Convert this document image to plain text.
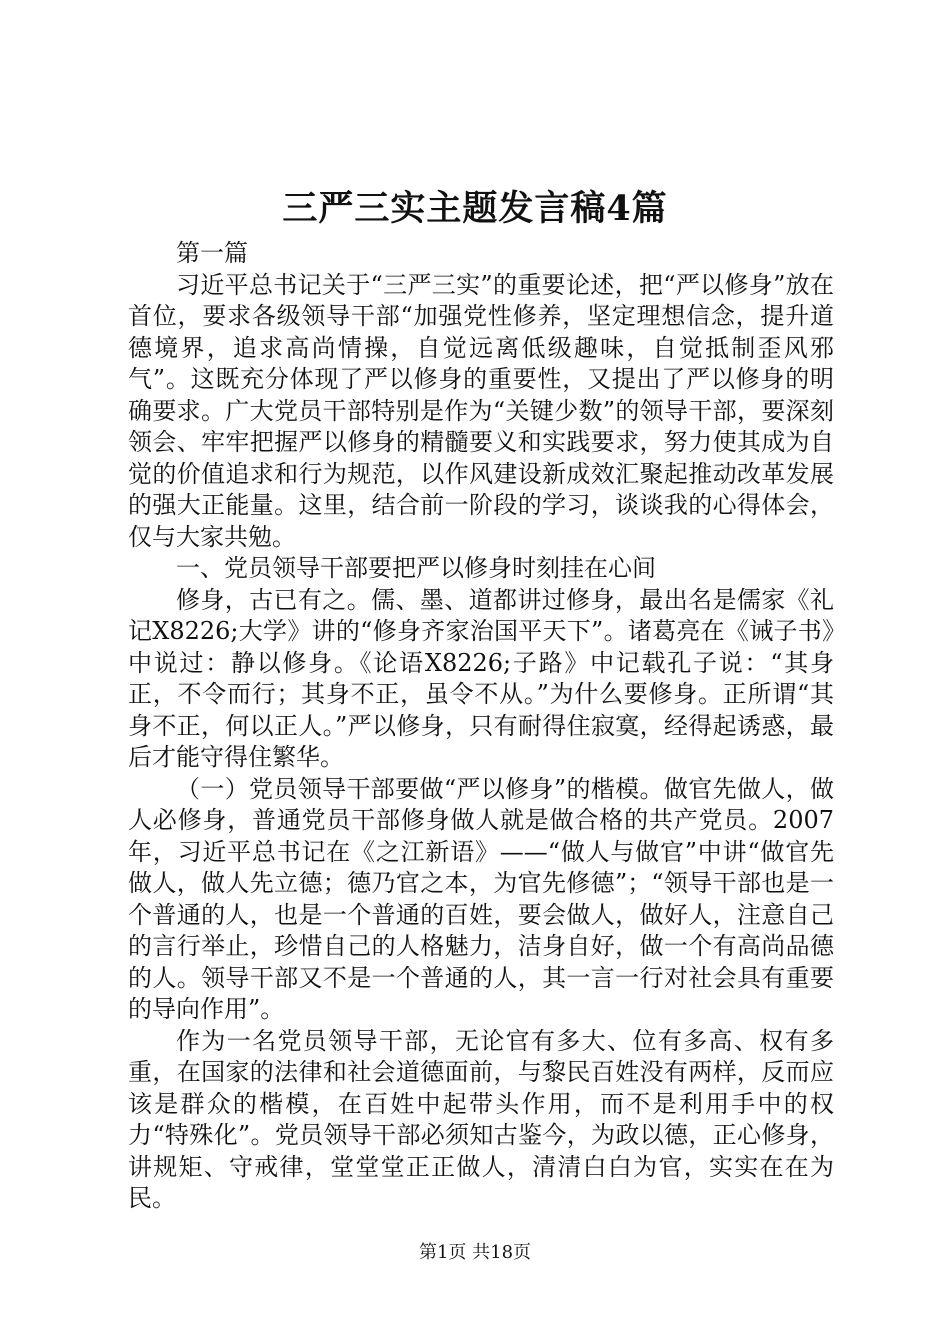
三严三实主题发言稿4篇

第一篇

习近平总书记关于“三严三实”的重要论述，把“严以修身”放在首位，要求各级领导干部“加强党性修养，坚定理想信念，提升道德境界，追求高尚情操，自觉远离低级趣味，自觉抵制歪风邪气”。这既充分体现了严以修身的重要性，又提出了严以修身的明确要求。广大党员干部特别是作为“关键少数”的领导干部，要深刻领会、牢牢把握严以修身的精髓要义和实践要求，努力使其成为自觉的价值追求和行为规范，以作风建设新成效汇聚起推动改革发展的强大正能量。这里，结合前一阶段的学习，谈谈我的心得体会，仅与大家共勉。

一、党员领导干部要把严以修身时刻挂在心间

修身，古已有之。儒、墨、道都讲过修身，最出名是儒家《礼记X8226;大学》讲的“修身齐家治国平天下”。诸葛亮在《诫子书》中说过：静以修身。《论语X8226;子路》中记载孔子说：“其身正，不令而行；其身不正，虽令不从。”为什么要修身。正所谓“其身不正，何以正人。”严以修身，只有耐得住寂寞，经得起诱惑，最后才能守得住繁华。

（一）党员领导干部要做“严以修身”的楷模。做官先做人，做人必修身，普通党员干部修身做人就是做合格的共产党员。2007年，习近平总书记在《之江新语》——“做人与做官”中讲“做官先做人，做人先立德；德乃官之本，为官先修德”；“领导干部也是一个普通的人，也是一个普通的百姓，要会做人，做好人，注意自己的言行举止，珍惜自己的人格魅力，洁身自好，做一个有高尚品德的人。领导干部又不是一个普通的人，其一言一行对社会具有重要的导向作用”。

作为一名党员领导干部，无论官有多大、位有多高、权有多重，在国家的法律和社会道德面前，与黎民百姓没有两样，反而应该是群众的楷模，在百姓中起带头作用，而不是利用手中的权力“特殊化”。党员领导干部必须知古鉴今，为政以德，正心修身，讲规矩、守戒律，堂堂堂正正做人，清清白白为官，实实在在为民。

第1页 共18页
